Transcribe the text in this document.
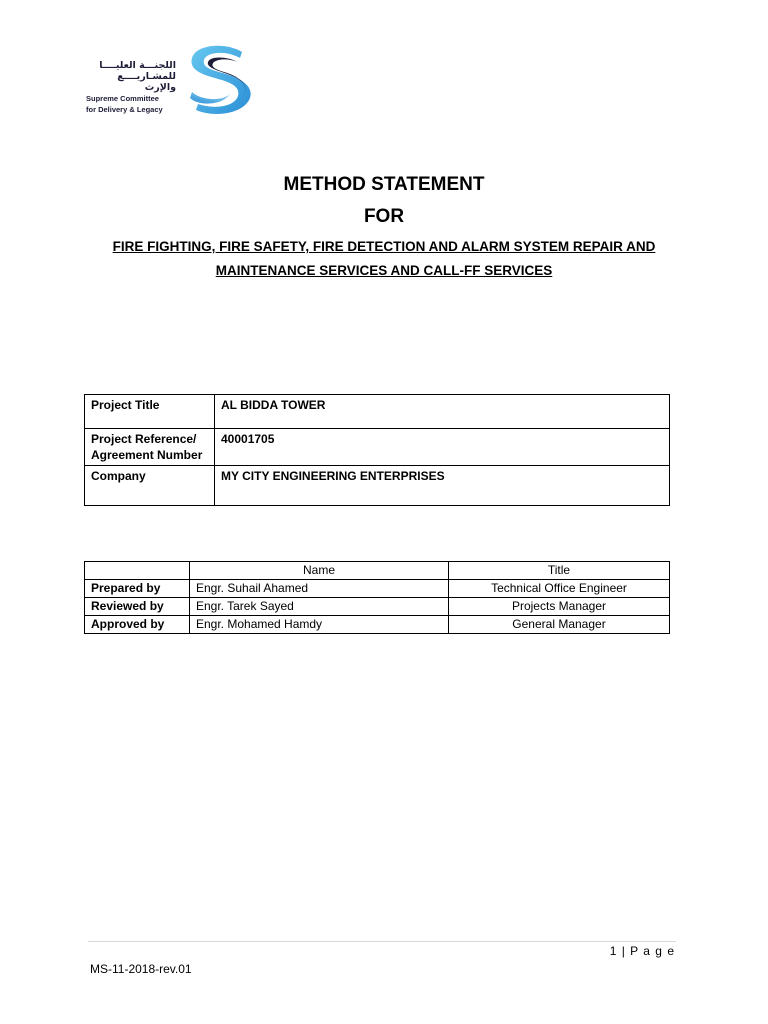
اللجنـــة العليــــا
للمشـاريــــع والإرث
Supreme Committee
for Delivery & Legacy
METHOD STATEMENT
FOR
FIRE FIGHTING, FIRE SAFETY, FIRE DETECTION AND ALARM SYSTEM REPAIR AND
MAINTENANCE SERVICES AND CALL-FF SERVICES
Project Title	AL BIDDA TOWER

Project Reference/
Agreement Number	40001705
Company	MY CITY ENGINEERING ENTERPRISES
	Name	Title
Prepared by	Engr. Suhail Ahamed	Technical Office Engineer
Reviewed by	Engr. Tarek Sayed	Projects Manager
Approved by	Engr. Mohamed Hamdy	General Manager
1 | P a g e
MS-11-2018-rev.01
